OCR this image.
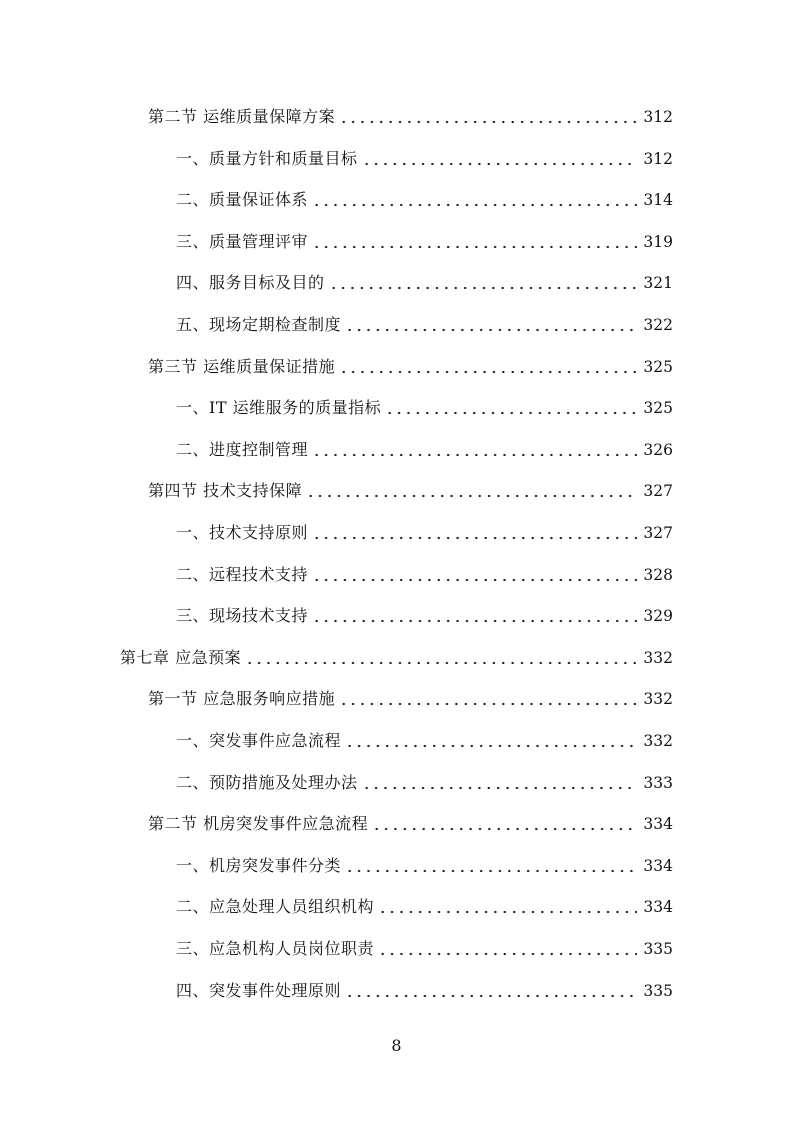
第二节 运维质量保障方案	312
一、质量方针和质量目标	312
二、质量保证体系	314
三、质量管理评审	319
四、服务目标及目的	321
五、现场定期检查制度	322
第三节 运维质量保证措施	325
一、IT 运维服务的质量指标	325
二、进度控制管理	326
第四节 技术支持保障	327
一、技术支持原则	327
二、远程技术支持	328
三、现场技术支持	329
第七章 应急预案	332
第一节 应急服务响应措施	332
一、突发事件应急流程	332
二、预防措施及处理办法	333
第二节 机房突发事件应急流程	334
一、机房突发事件分类	334
二、应急处理人员组织机构	334
三、应急机构人员岗位职责	335
四、突发事件处理原则	335
8
